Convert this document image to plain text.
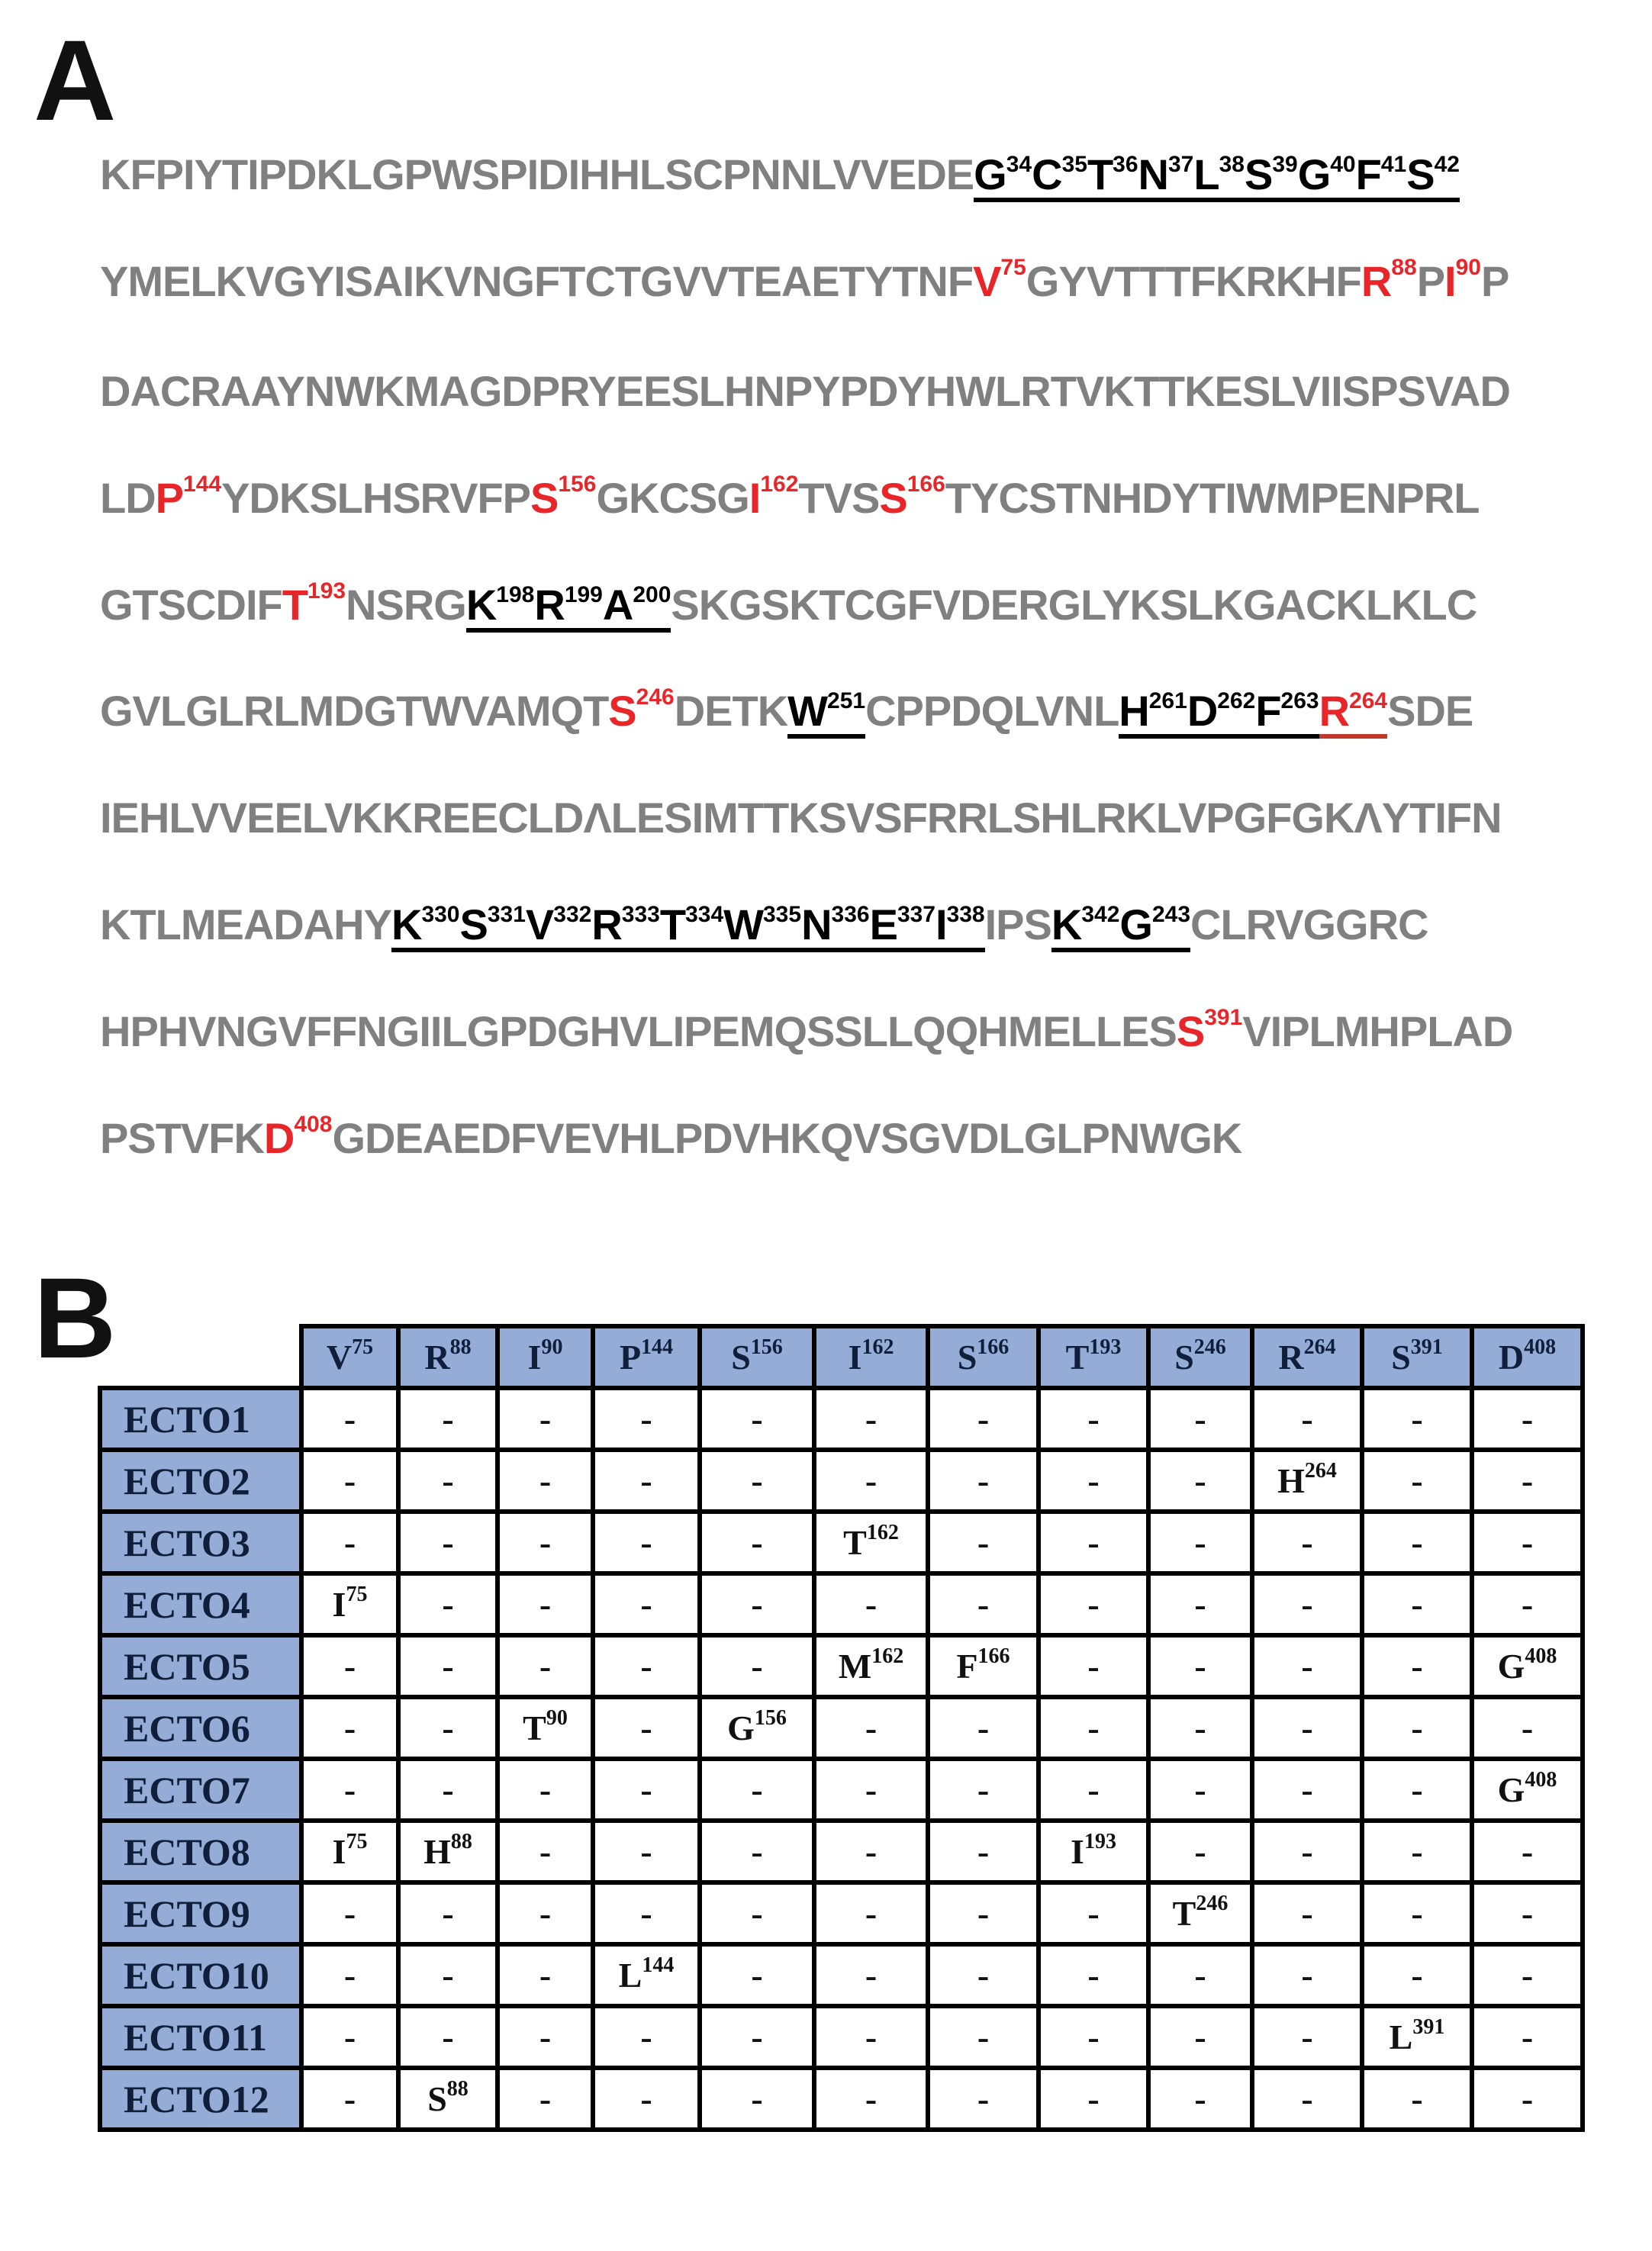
A
$KFPIYTIPDKLGPWSPIDIHHLSCPNNLVVEDEG^{34}C^{35}T^{36}N^{37}L^{38}S^{39}G^{40}F^{41}S^{42}$
YMELKVGYISAIKVNGFTCTGVVTEAETYTNFV$^{75}$GYVTTTFKRKHFR$^{88}$PI$^{90}$P
DACRAAYNWKMAGDPRYEESLHNPYPDYHWLRTVKTTKESLVIISPSVAD
LDP$^{144}$YDKSLHSRVFPS$^{156}$GKCSGI$^{162}$TVSS$^{166}$TYCSTNHDYTIWMPENPRL
$GTSCDIFT^{193}NSRGK^{198}R^{199}A^{200}SKGSKTCGFVDERGLYKSLKGACKLKLC$
$GVLGLRLMDGTWVAMQTS^{246}DETKW^{251}CPPDQLVNLH^{261}D^{262}F^{263}R^{264}SDE$
IEHLVVEELVKKREECLDΛLESIMTTKSVSFRRLSHLRKLVPGFGKΛYTIFN
$KTLMEADAHYK^{330}S^{331}V^{332}R^{333}T^{334}W^{335}N^{336}E^{337}I^{338}IPSK^{342}G^{243}CLRVGGRC$
HPHVNGVFFNGIILGPDGHVLIPEMQSSLLQQHMELLESS$^{391}$VIPLMHPLAD
PSTVFKD$^{408}$GDEAEDFVEVHLPDVHKQVSGVDLGLPNWGK
B
		$V^{75}$	$R^{88}$	$I^{90}$	$P^{144}$	$S^{156}$	$I^{162}$	$S^{166}$	$T^{193}$	$S^{246}$	$R^{264}$	$S^{391}$	$D^{408}$
ECTO1	-	-	-	-	-	-	-	-	-	-	-	-
ECTO2	-	-	-	-	-	-	-	-	-	$H^{264}$	-	-
ECTO3	-	-	-	-	-	$T^{162}$	-	-	-	-	-	-
ECTO4	$I^{75}$	-	-	-	-	-	-	-	-	-	-	-
ECTO5	-	-	-	-	-	$M^{162}$	$F^{166}$	-	-	-	-	$G^{408}$
ECTO6	-	-	$T^{90}$	-	$G^{156}$	-	-	-	-	-	-	-
ECTO7	-	-	-	-	-	-	-	-	-	-	-	$G^{408}$
ECTO8	$I^{75}$	$H^{88}$	-	-	-	-	-	$I^{193}$	-	-	-	-
ECTO9	-	-	-	-	-	-	-	-	$T^{246}$	-	-	-
ECTO10	-	-	-	$L^{144}$	-	-	-	-	-	-	-	-
ECTO11	-	-	-	-	-	-	-	-	-	-	$L^{391}$	-
ECTO12	-	$S^{88}$	-	-	-	-	-	-	-	-	-	-
